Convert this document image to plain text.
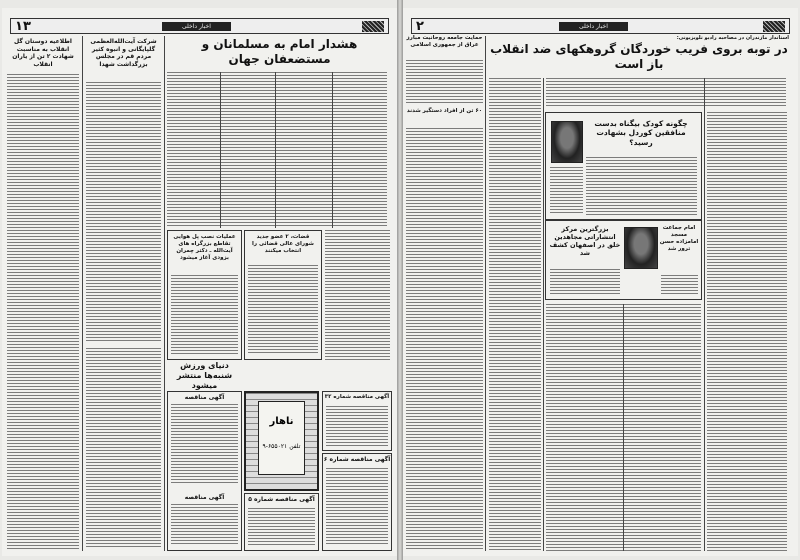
اخبار داخلی
۱۳
هشدار امام به مسلمانان و مستضعفان جهان
اطلاعیه دوستان گل انقلاب به مناسبت شهادت ۲ تن از یاران انقلاب
شرکت آیت‌الله‌العظمی گلپایگانی و انبوه کثیر مردم قم در مجلس بزرگداشت شهدا
عملیات نصب پل هوایی تقاطع بزرگراه های آیت‌الله ـ دکتر چمران بزودی آغاز میشود
قضات، ۲ عضو جدید شورای عالی قضائی را انتخاب میکنند
دنیای ورزش شنبه‌ها منتشر میشود
آگهی مناقصه
آگهی مناقصه
ناهار
تلفن ۶۵۵۰۲۱-۹
آگهی مناقصه شماره ۵
آگهی مناقصه شماره ۳۲
آگهی مناقصه شماره ۶
اخبار داخلی
۲
استاندار مازندران در مصاحبه رادیو تلویزیونی:
در توبه بروی فریب خوردگان گروهکهای ضد انقلاب باز است
حمایت جامعه روحانیت مبارز عراق از جمهوری اسلامی
۶۰ تن از افراد دستگیر شدند
چگونه کودک بیگناه بدست منافقین کوردل بشهادت رسید؟
بزرگترین مرکز انتشاراتی مجاهدین خلق در اصفهان کشف شد
امام جماعت مسجد امامزاده حسن ترور شد
